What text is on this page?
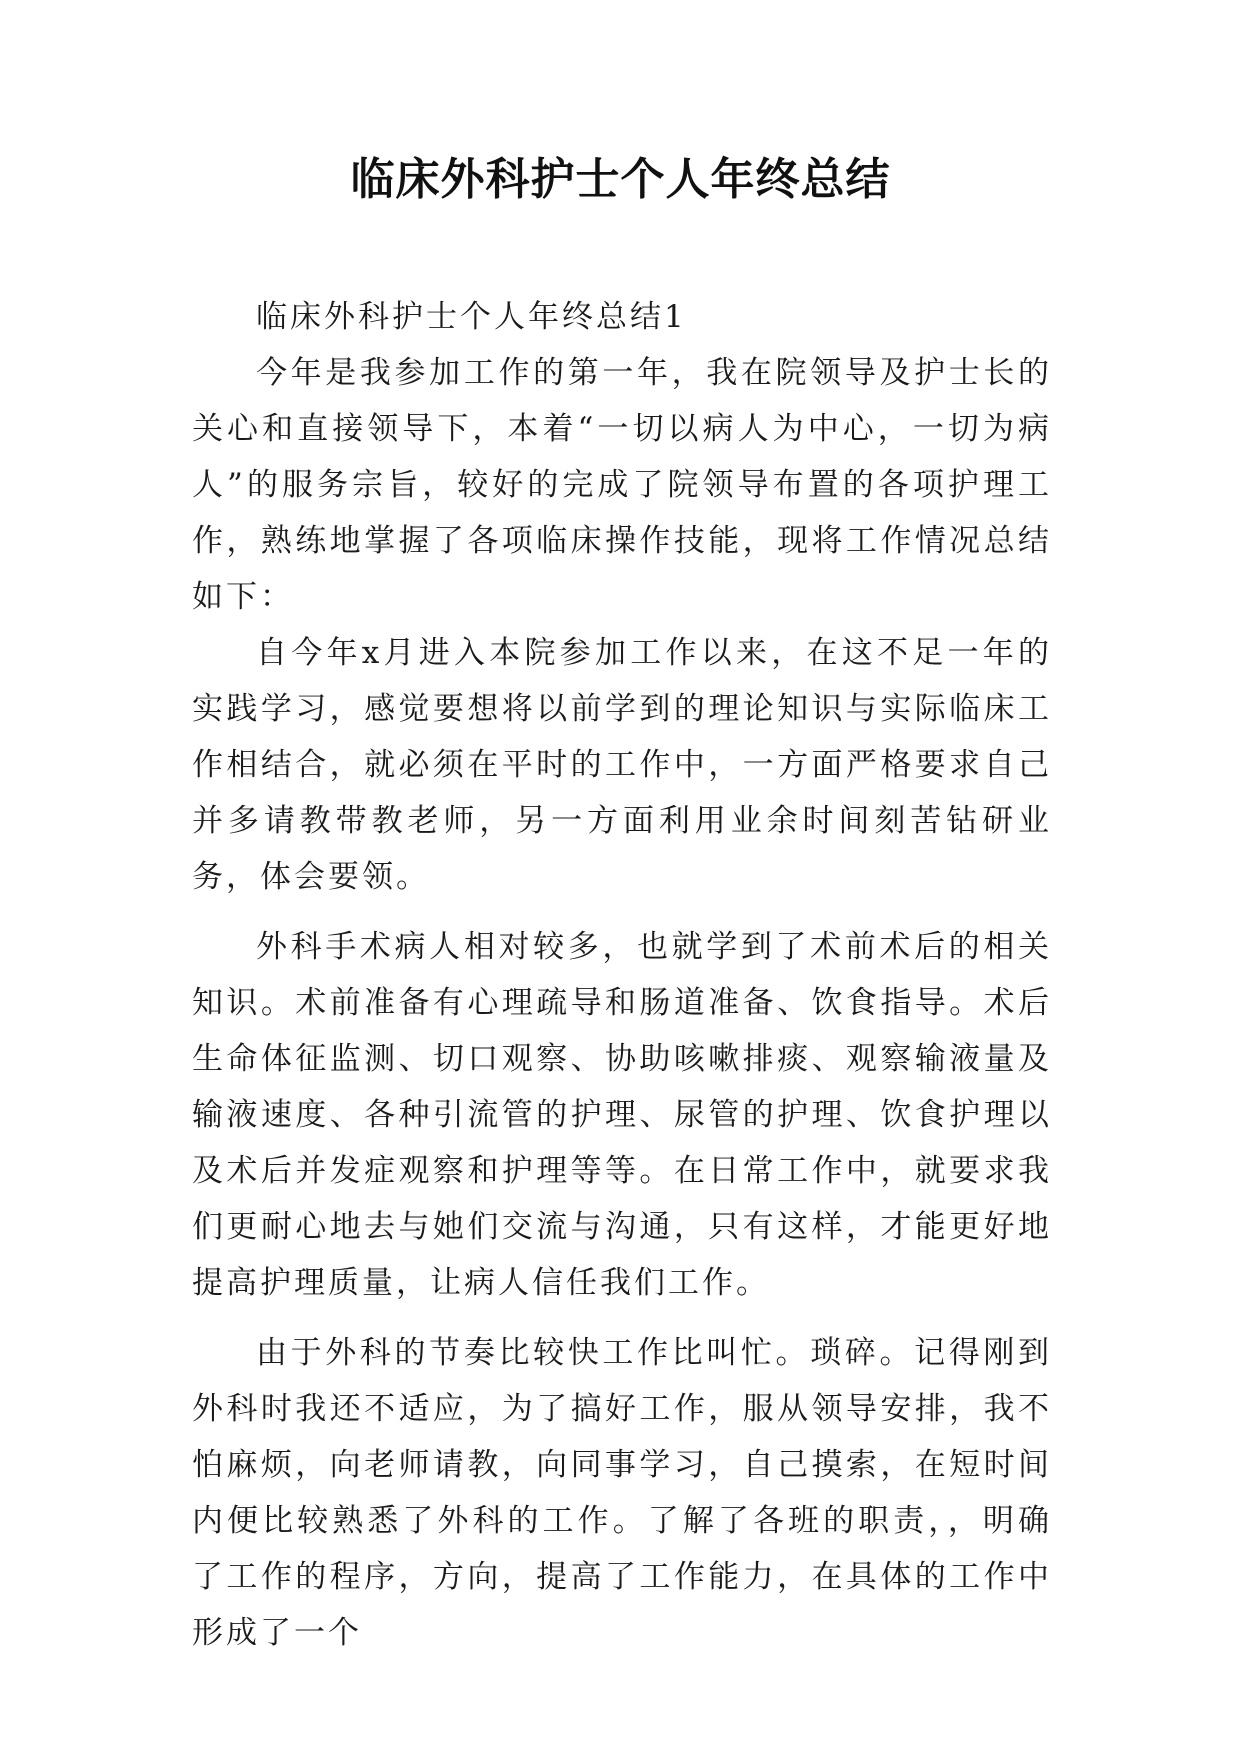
临床外科护士个人年终总结

临床外科护士个人年终总结1

今年是我参加工作的第一年，我在院领导及护士长的关心和直接领导下，本着“一切以病人为中心，一切为病人”的服务宗旨，较好的完成了院领导布置的各项护理工作，熟练地掌握了各项临床操作技能，现将工作情况总结如下：

自今年x月进入本院参加工作以来，在这不足一年的实践学习，感觉要想将以前学到的理论知识与实际临床工作相结合，就必须在平时的工作中，一方面严格要求自己并多请教带教老师，另一方面利用业余时间刻苦钻研业务，体会要领。

外科手术病人相对较多，也就学到了术前术后的相关知识。术前准备有心理疏导和肠道准备、饮食指导。术后生命体征监测、切口观察、协助咳嗽排痰、观察输液量及输液速度、各种引流管的护理、尿管的护理、饮食护理以及术后并发症观察和护理等等。在日常工作中，就要求我们更耐心地去与她们交流与沟通，只有这样，才能更好地提高护理质量，让病人信任我们工作。

由于外科的节奏比较快工作比叫忙。琐碎。记得刚到外科时我还不适应，为了搞好工作，服从领导安排，我不怕麻烦，向老师请教，向同事学习，自己摸索，在短时间内便比较熟悉了外科的工作。了解了各班的职责，，明确了工作的程序，方向，提高了工作能力，在具体的工作中形成了一个
